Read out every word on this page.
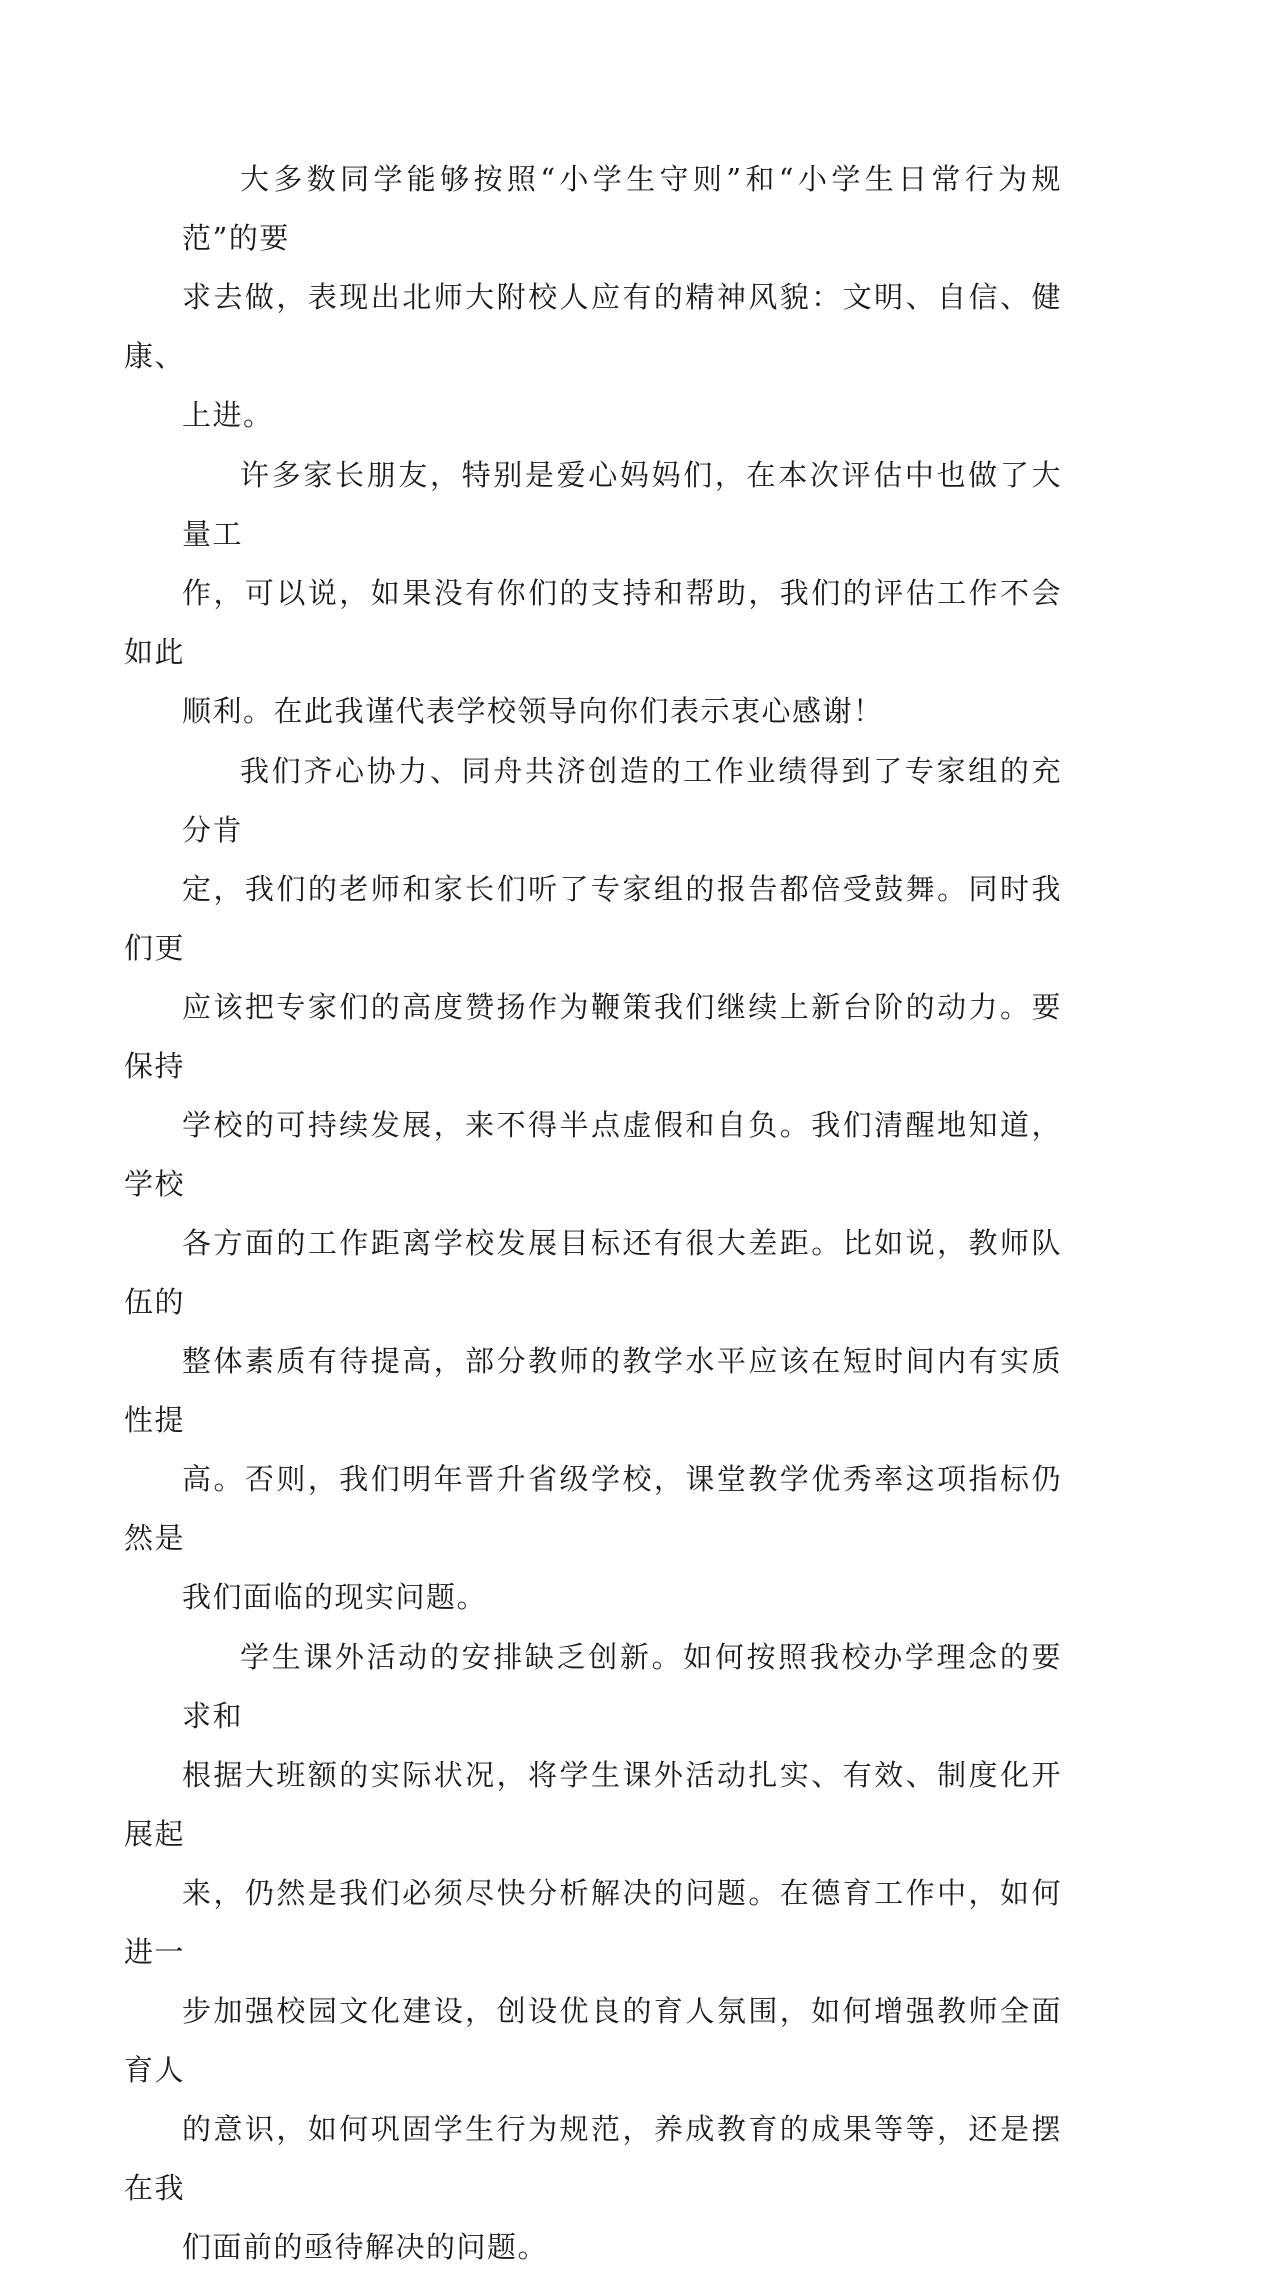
大多数同学能够按照“小学生守则”和“小学生日常行为规范”的要
求去做，表现出北师大附校人应有的精神风貌：文明、自信、健康、
上进。

许多家长朋友，特别是爱心妈妈们，在本次评估中也做了大量工
作，可以说，如果没有你们的支持和帮助，我们的评估工作不会如此
顺利。在此我谨代表学校领导向你们表示衷心感谢！

我们齐心协力、同舟共济创造的工作业绩得到了专家组的充分肯
定，我们的老师和家长们听了专家组的报告都倍受鼓舞。同时我们更
应该把专家们的高度赞扬作为鞭策我们继续上新台阶的动力。要保持
学校的可持续发展，来不得半点虚假和自负。我们清醒地知道，学校
各方面的工作距离学校发展目标还有很大差距。比如说，教师队伍的
整体素质有待提高，部分教师的教学水平应该在短时间内有实质性提
高。否则，我们明年晋升省级学校，课堂教学优秀率这项指标仍然是
我们面临的现实问题。

学生课外活动的安排缺乏创新。如何按照我校办学理念的要求和
根据大班额的实际状况，将学生课外活动扎实、有效、制度化开展起
来，仍然是我们必须尽快分析解决的问题。在德育工作中，如何进一
步加强校园文化建设，创设优良的育人氛围，如何增强教师全面育人
的意识，如何巩固学生行为规范，养成教育的成果等等，还是摆在我
们面前的亟待解决的问题。
